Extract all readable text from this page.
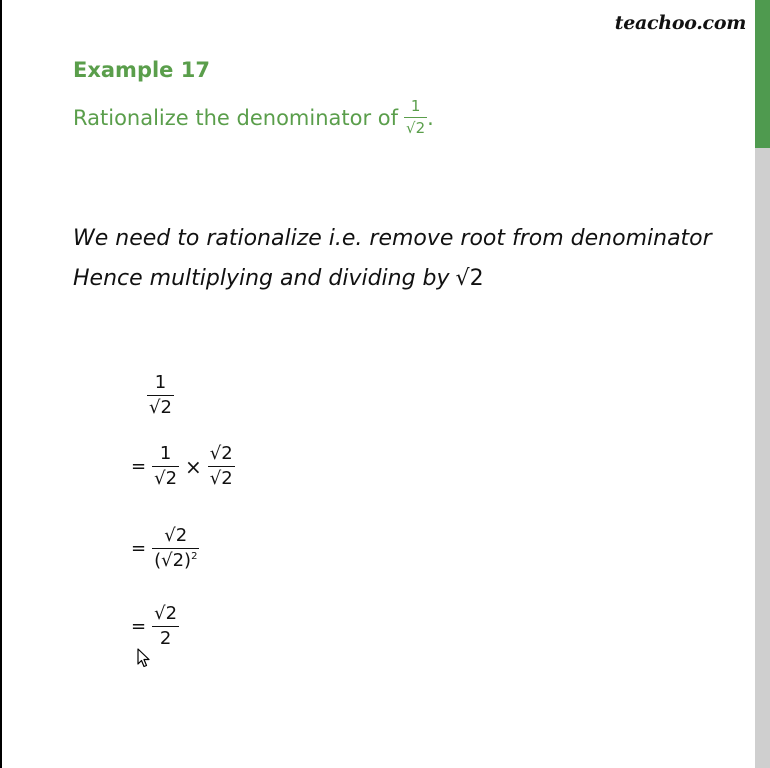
teachoo.com
Example 17
Rationalize the denominator of $\frac{1}{√2}$ .
We need to rationalize i.e. remove root from denominator
Hence multiplying and dividing by √2
$\frac{1}{√2}$
= $\frac{1}{√2} \times \frac{√2}{√2}$
= $\frac{√2}{(√2)^2}$
= $\frac{√2}{2}$
